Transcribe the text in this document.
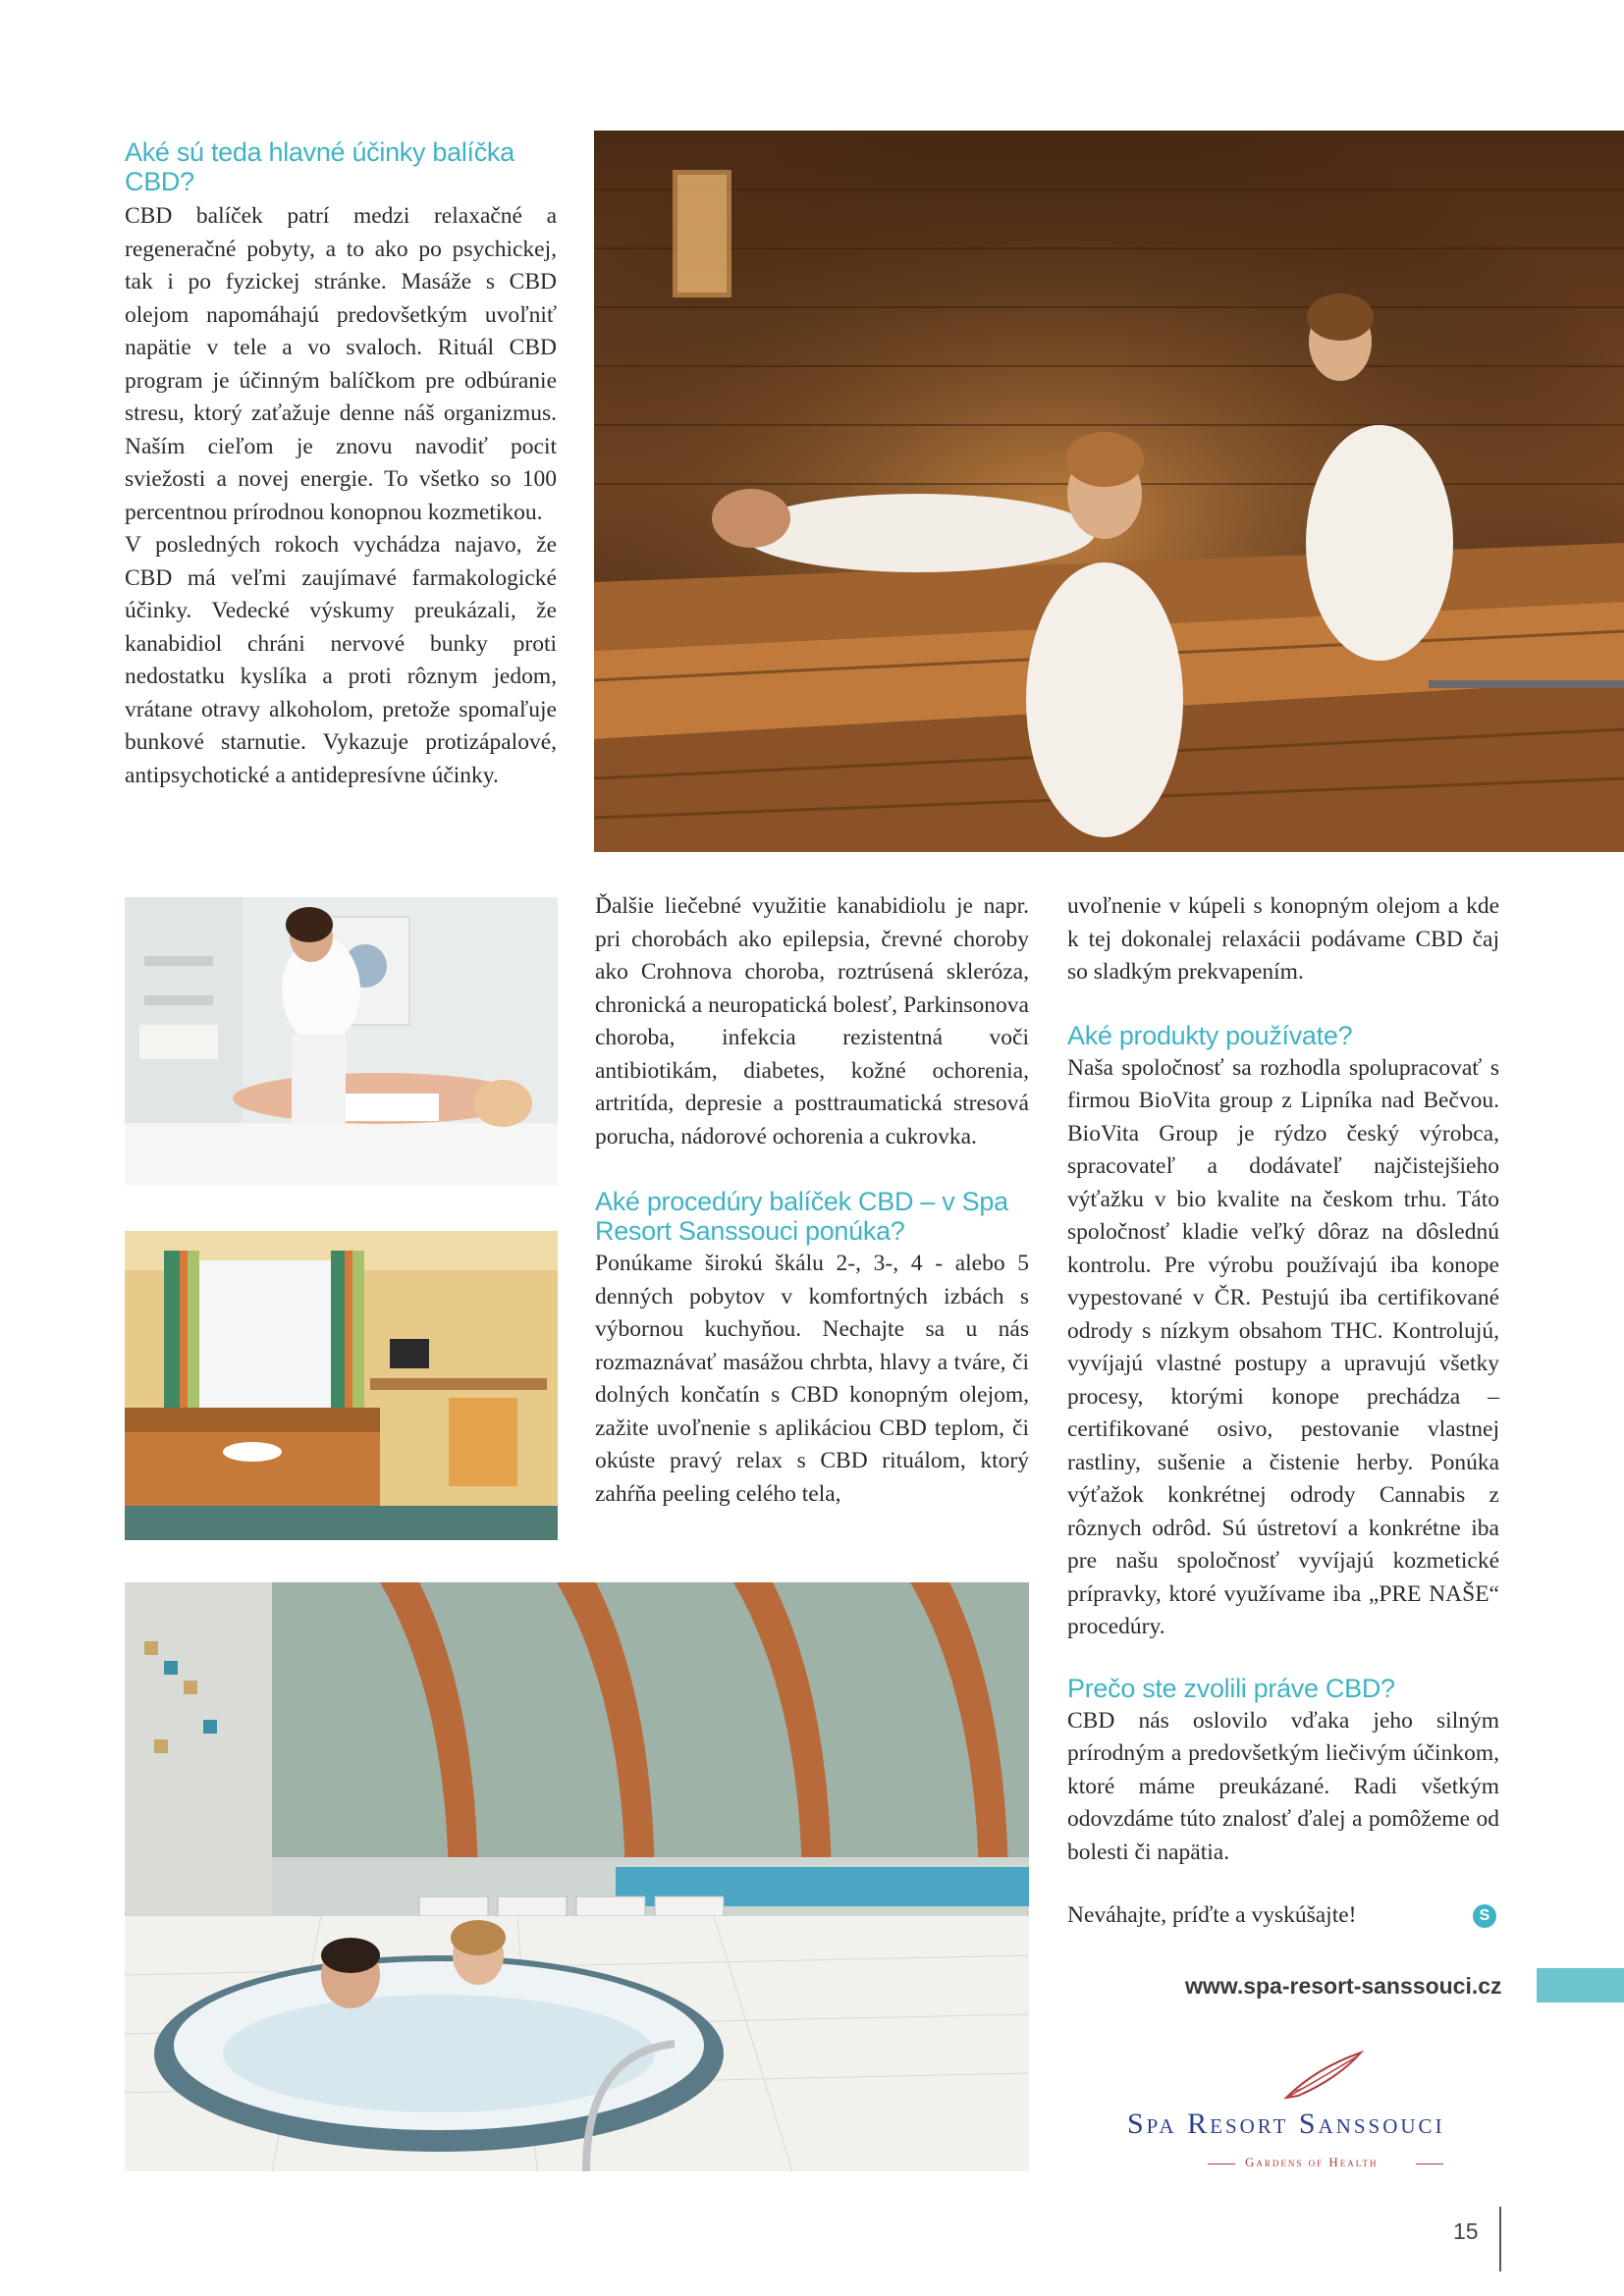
Aké sú teda hlavné účinky balíčka CBD?

CBD balíček patrí medzi relaxačné a regeneračné pobyty, a to ako po psychickej, tak i po fyzickej stránke. Masáže s CBD olejom napomáhajú predovšetkým uvoľniť napätie v tele a vo svaloch. Rituál CBD program je účinným balíčkom pre odbúranie stresu, ktorý zaťažuje denne náš organizmus. Naším cieľom je znovu navodiť pocit sviežosti a novej energie. To všetko so 100 percentnou prírodnou konopnou kozmetikou.

V posledných rokoch vychádza najavo, že CBD má veľmi zaujímavé farmakologické účinky. Vedecké výskumy preukázali, že kanabidiol chráni nervové bunky proti nedostatku kyslíka a proti rôznym jedom, vrátane otravy alkoholom, pretože spomaľuje bunkové starnutie. Vykazuje protizápalové, antipsychotické a antidepresívne účinky.

Ďalšie liečebné využitie kanabidiolu je napr. pri chorobách ako epilepsia, črevné choroby ako Crohnova choroba, roztrúsená skleróza, chronická a neuropatická bolesť, Parkinsonova choroba, infekcia rezistentná voči antibiotikám, diabetes, kožné ochorenia, artritída, depresie a posttraumatická stresová porucha, nádorové ochorenia a cukrovka.

Aké procedúry balíček CBD – v Spa Resort Sanssouci ponúka?

Ponúkame širokú škálu 2-, 3-, 4 - alebo 5 denných pobytov v komfortných izbách s výbornou kuchyňou. Nechajte sa u nás rozmaznávať masážou chrbta, hlavy a tváre, či dolných končatín s CBD konopným olejom, zažite uvoľnenie s aplikáciou CBD teplom, či okúste pravý relax s CBD rituálom, ktorý zahŕňa peeling celého tela,

uvoľnenie v kúpeli s konopným olejom a kde k tej dokonalej relaxácii podávame CBD čaj so sladkým prekvapením.

Aké produkty používate?

Naša spoločnosť sa rozhodla spolupracovať s firmou BioVita group z Lipníka nad Bečvou. BioVita Group je rýdzo český výrobca, spracovateľ a dodávateľ najčistejšieho výťažku v bio kvalite na českom trhu. Táto spoločnosť kladie veľký dôraz na dôslednú kontrolu. Pre výrobu používajú iba konope vypestované v ČR. Pestujú iba certifikované odrody s nízkym obsahom THC. Kontrolujú, vyvíjajú vlastné postupy a upravujú všetky procesy, ktorými konope prechádza – certifikované osivo, pestovanie vlastnej rastliny, sušenie a čistenie herby. Ponúka výťažok konkrétnej odrody Cannabis z rôznych odrôd. Sú ústretoví a konkrétne iba pre našu spoločnosť vyvíjajú kozmetické prípravky, ktoré využívame iba „PRE NAŠE“ procedúry.

Prečo ste zvolili práve CBD?

CBD nás oslovilo vďaka jeho silným prírodným a predovšetkým liečivým účinkom, ktoré máme preukázané. Radi všetkým odovzdáme túto znalosť ďalej a pomôžeme od bolesti či napätia.

Neváhajte, príďte a vyskúšajte!	S
www.spa-resort-sanssouci.cz
Spa Resort Sanssouci
Gardens of Health
15
